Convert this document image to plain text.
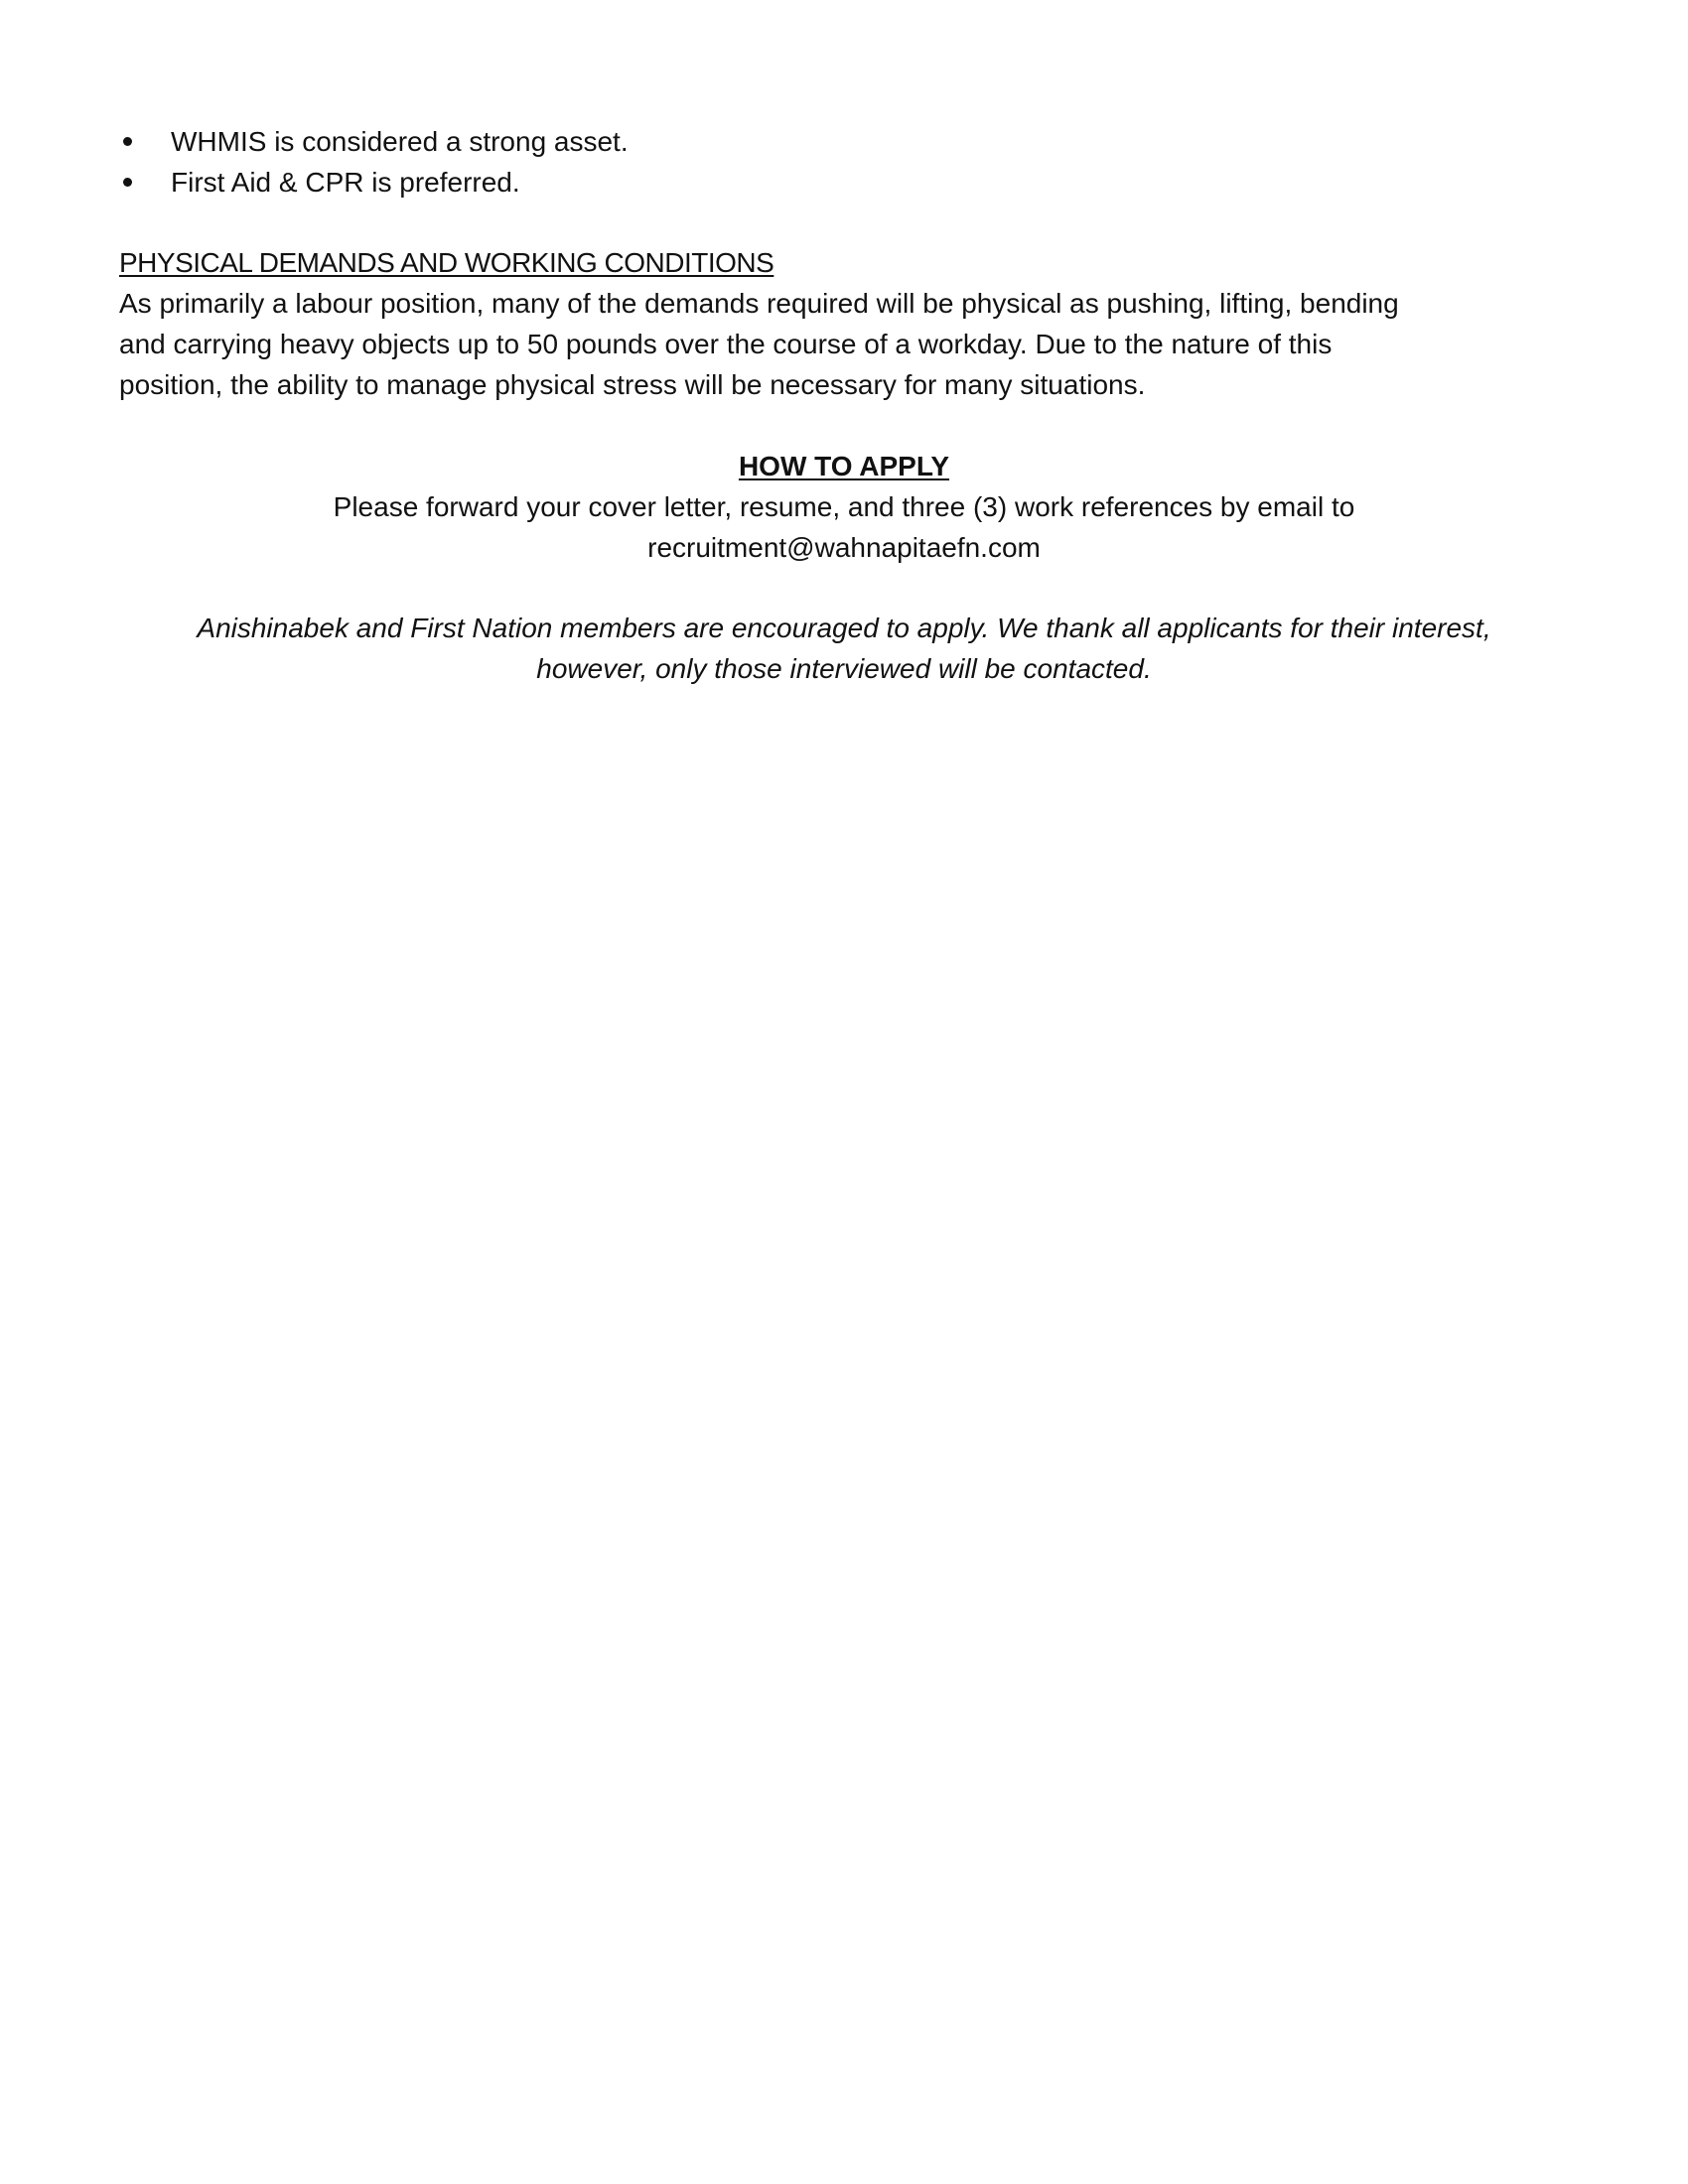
WHMIS is considered a strong asset.
First Aid & CPR is preferred.
PHYSICAL DEMANDS AND WORKING CONDITIONS

As primarily a labour position, many of the demands required will be physical as pushing, lifting, bending
and carrying heavy objects up to 50 pounds over the course of a workday. Due to the nature of this
position, the ability to manage physical stress will be necessary for many situations.

HOW TO APPLY
Please forward your cover letter, resume, and three (3) work references by email to
recruitment@wahnapitaefn.com
Anishinabek and First Nation members are encouraged to apply. We thank all applicants for their interest,
however, only those interviewed will be contacted.
